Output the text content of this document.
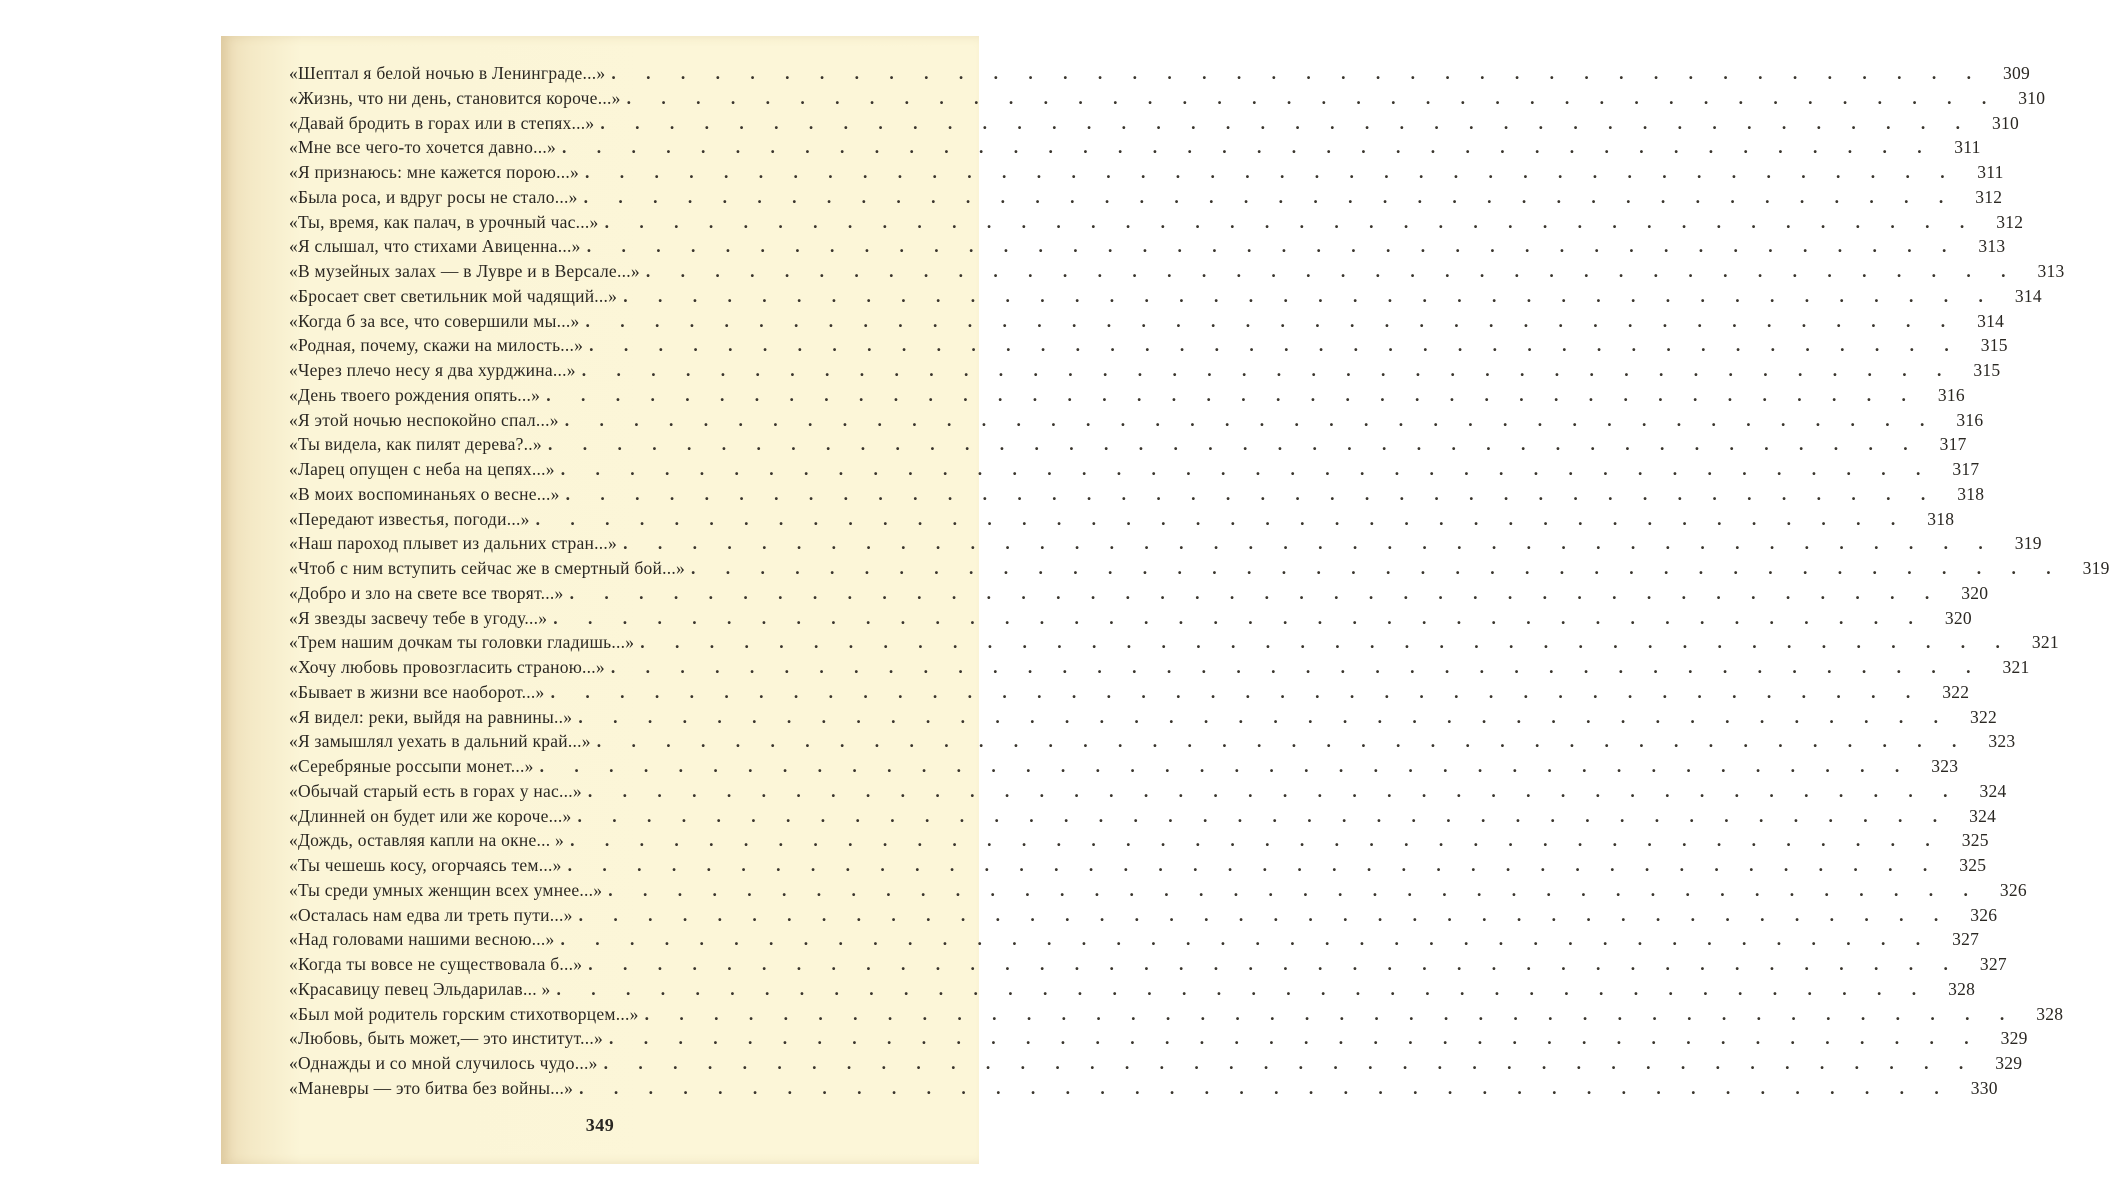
«Шептал я белой ночью в Ленинграде...» . . . . . . . . . . . . . . . . . . . . . . . . . . . . . . . . . . . . . . . .	309
«Жизнь, что ни день, становится короче...» . . . . . . . . . . . . . . . . . . . . . . . . . . . . . . . . . . . . . . . .	310
«Давай бродить в горах или в степях...» . . . . . . . . . . . . . . . . . . . . . . . . . . . . . . . . . . . . . . . .	310
«Мне все чего-то хочется давно...» . . . . . . . . . . . . . . . . . . . . . . . . . . . . . . . . . . . . . . . .	311
«Я признаюсь: мне кажется порою...» . . . . . . . . . . . . . . . . . . . . . . . . . . . . . . . . . . . . . . . .	311
«Была роса, и вдруг росы не стало...» . . . . . . . . . . . . . . . . . . . . . . . . . . . . . . . . . . . . . . . .	312
«Ты, время, как палач, в урочный час...» . . . . . . . . . . . . . . . . . . . . . . . . . . . . . . . . . . . . . . . .	312
«Я слышал, что стихами Авиценна...» . . . . . . . . . . . . . . . . . . . . . . . . . . . . . . . . . . . . . . . .	313
«В музейных залах — в Лувре и в Версале...» . . . . . . . . . . . . . . . . . . . . . . . . . . . . . . . . . . . . . . . .	313
«Бросает свет светильник мой чадящий...» . . . . . . . . . . . . . . . . . . . . . . . . . . . . . . . . . . . . . . . .	314
«Когда б за все, что совершили мы...» . . . . . . . . . . . . . . . . . . . . . . . . . . . . . . . . . . . . . . . .	314
«Родная, почему, скажи на милость...» . . . . . . . . . . . . . . . . . . . . . . . . . . . . . . . . . . . . . . . .	315
«Через плечо несу я два хурджина...» . . . . . . . . . . . . . . . . . . . . . . . . . . . . . . . . . . . . . . . .	315
«День твоего рождения опять...» . . . . . . . . . . . . . . . . . . . . . . . . . . . . . . . . . . . . . . . .	316
«Я этой ночью неспокойно спал...» . . . . . . . . . . . . . . . . . . . . . . . . . . . . . . . . . . . . . . . .	316
«Ты видела, как пилят дерева?..» . . . . . . . . . . . . . . . . . . . . . . . . . . . . . . . . . . . . . . . .	317
«Ларец опущен с неба на цепях...» . . . . . . . . . . . . . . . . . . . . . . . . . . . . . . . . . . . . . . . .	317
«В моих воспоминаньях о весне...» . . . . . . . . . . . . . . . . . . . . . . . . . . . . . . . . . . . . . . . .	318
«Передают известья, погоди...» . . . . . . . . . . . . . . . . . . . . . . . . . . . . . . . . . . . . . . . .	318
«Наш пароход плывет из дальних стран...» . . . . . . . . . . . . . . . . . . . . . . . . . . . . . . . . . . . . . . . .	319
«Чтоб с ним вступить сейчас же в смертный бой...» . . . . . . . . . . . . . . . . . . . . . . . . . . . . . . . . . . . . . . . .	319
«Добро и зло на свете все творят...» . . . . . . . . . . . . . . . . . . . . . . . . . . . . . . . . . . . . . . . .	320
«Я звезды засвечу тебе в угоду...» . . . . . . . . . . . . . . . . . . . . . . . . . . . . . . . . . . . . . . . .	320
«Трем нашим дочкам ты головки гладишь...» . . . . . . . . . . . . . . . . . . . . . . . . . . . . . . . . . . . . . . . .	321
«Хочу любовь провозгласить страною...» . . . . . . . . . . . . . . . . . . . . . . . . . . . . . . . . . . . . . . . .	321
«Бывает в жизни все наоборот...» . . . . . . . . . . . . . . . . . . . . . . . . . . . . . . . . . . . . . . . .	322
«Я видел: реки, выйдя на равнины..» . . . . . . . . . . . . . . . . . . . . . . . . . . . . . . . . . . . . . . . .	322
«Я замышлял уехать в дальний край...» . . . . . . . . . . . . . . . . . . . . . . . . . . . . . . . . . . . . . . . .	323
«Серебряные россыпи монет...» . . . . . . . . . . . . . . . . . . . . . . . . . . . . . . . . . . . . . . . .	323
«Обычай старый есть в горах у нас...» . . . . . . . . . . . . . . . . . . . . . . . . . . . . . . . . . . . . . . . .	324
«Длинней он будет или же короче...» . . . . . . . . . . . . . . . . . . . . . . . . . . . . . . . . . . . . . . . .	324
«Дождь, оставляя капли на окне... » . . . . . . . . . . . . . . . . . . . . . . . . . . . . . . . . . . . . . . . .	325
«Ты чешешь косу, огорчаясь тем...» . . . . . . . . . . . . . . . . . . . . . . . . . . . . . . . . . . . . . . . .	325
«Ты среди умных женщин всех умнее...» . . . . . . . . . . . . . . . . . . . . . . . . . . . . . . . . . . . . . . . .	326
«Осталась нам едва ли треть пути...» . . . . . . . . . . . . . . . . . . . . . . . . . . . . . . . . . . . . . . . .	326
«Над головами нашими весною...» . . . . . . . . . . . . . . . . . . . . . . . . . . . . . . . . . . . . . . . .	327
«Когда ты вовсе не существовала б...» . . . . . . . . . . . . . . . . . . . . . . . . . . . . . . . . . . . . . . . .	327
«Красавицу певец Эльдарилав... » . . . . . . . . . . . . . . . . . . . . . . . . . . . . . . . . . . . . . . . .	328
«Был мой родитель горским стихотворцем...» . . . . . . . . . . . . . . . . . . . . . . . . . . . . . . . . . . . . . . . .	328
«Любовь, быть может,— это институт...» . . . . . . . . . . . . . . . . . . . . . . . . . . . . . . . . . . . . . . . .	329
«Однажды и со мной случилось чудо...» . . . . . . . . . . . . . . . . . . . . . . . . . . . . . . . . . . . . . . . .	329
«Маневры — это битва без войны...» . . . . . . . . . . . . . . . . . . . . . . . . . . . . . . . . . . . . . . . .	330
349
